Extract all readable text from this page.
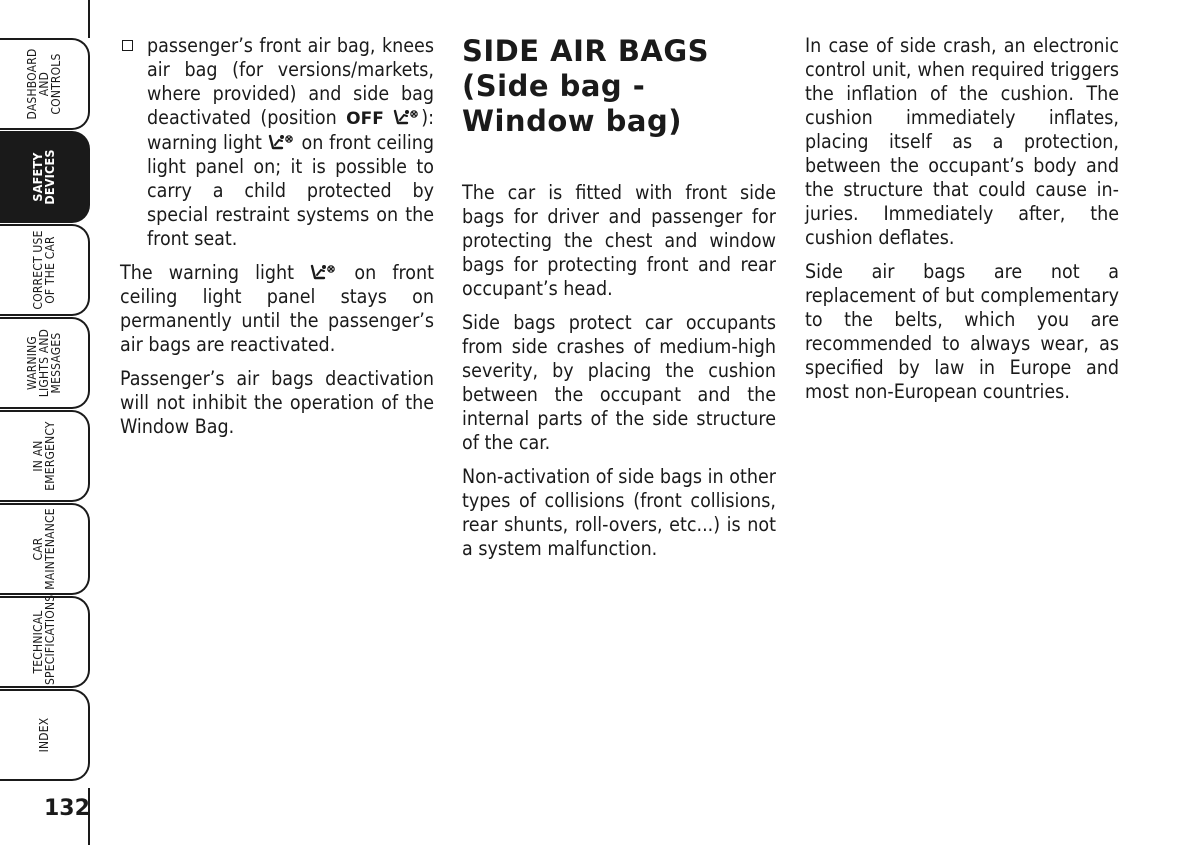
DASHBOARD
AND
CONTROLS
SAFETY
DEVICES
CORRECT USE
OF THE CAR
WARNING
LIGHTS AND
MESSAGES
IN AN
EMERGENCY
CAR
MAINTENANCE
TECHNICAL
SPECIFICATIONS
INDEX
132
passenger’s front air bag, knees air bag (for versions/markets, where provided) and side bag deactivated (position OFF ): warning light
on front ceiling light panel on; it is possible to carry a child protected by special restraint systems on the front seat.

The warning light
on front ceiling light panel stays on permanently until the passenger’s air bags are reactivated.

Passenger’s air bags deactivation will not inhibit the operation of the Window Bag.

SIDE AIR BAGS
(Side bag -
Window bag)

The car is fitted with front side bags for driver and passenger for protecting the chest and window bags for protecting front and rear occupant’s head.

Side bags protect car occupants from side crashes of medium-high severity, by placing the cushion between the occupant and the internal parts of the side structure of the car.

Non-activation of side bags in other types of collisions (front collisions, rear shunts, roll-overs, etc...) is not a system malfunction.

In case of side crash, an electronic control unit, when required triggers the inflation of the cushion. The cushion immediately inflates, placing itself as a protection, between the occupant’s body and the structure that could cause injuries. Immediately after, the cushion deflates.

Side air bags are not a replacement of but complementary to the belts, which you are recommended to always wear, as specified by law in Europe and most non-European countries.
